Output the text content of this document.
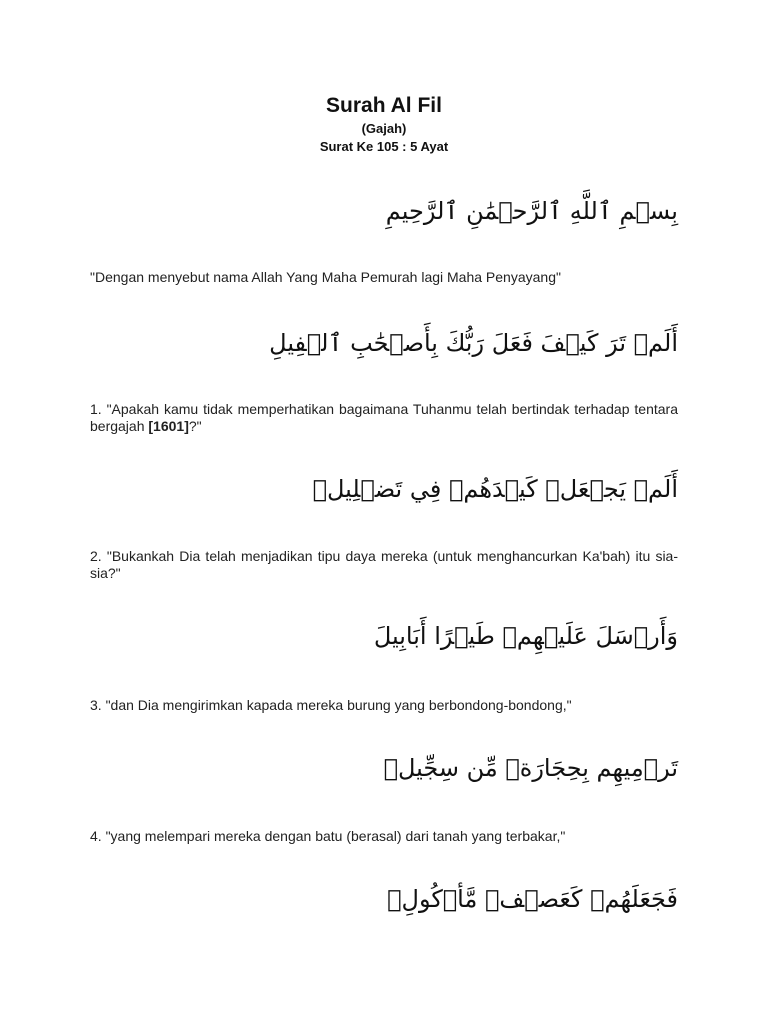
Surah Al Fil
(Gajah)
Surat Ke 105 : 5 Ayat
بِسۡمِ ٱللَّهِ ٱلرَّحۡمَٰنِ ٱلرَّحِيمِ
"Dengan menyebut nama Allah Yang Maha Pemurah lagi Maha Penyayang"
أَلَمۡ تَرَ كَيۡفَ فَعَلَ رَبُّكَ بِأَصۡحَٰبِ ٱلۡفِيلِ
1. "Apakah kamu tidak memperhatikan bagaimana Tuhanmu telah bertindak terhadap tentara bergajah [1601]?"
أَلَمۡ يَجۡعَلۡ كَيۡدَهُمۡ فِي تَضۡلِيلٖ
2. "Bukankah Dia telah menjadikan tipu daya mereka (untuk menghancurkan Ka'bah) itu sia-sia?"
وَأَرۡسَلَ عَلَيۡهِمۡ طَيۡرًا أَبَابِيلَ
3. "dan Dia mengirimkan kapada mereka burung yang berbondong-bondong,"
تَرۡمِيهِم بِحِجَارَةٖ مِّن سِجِّيلٖ
4. "yang melempari mereka dengan batu (berasal) dari tanah yang terbakar,"
فَجَعَلَهُمۡ كَعَصۡفٖ مَّأۡكُولِۭ
